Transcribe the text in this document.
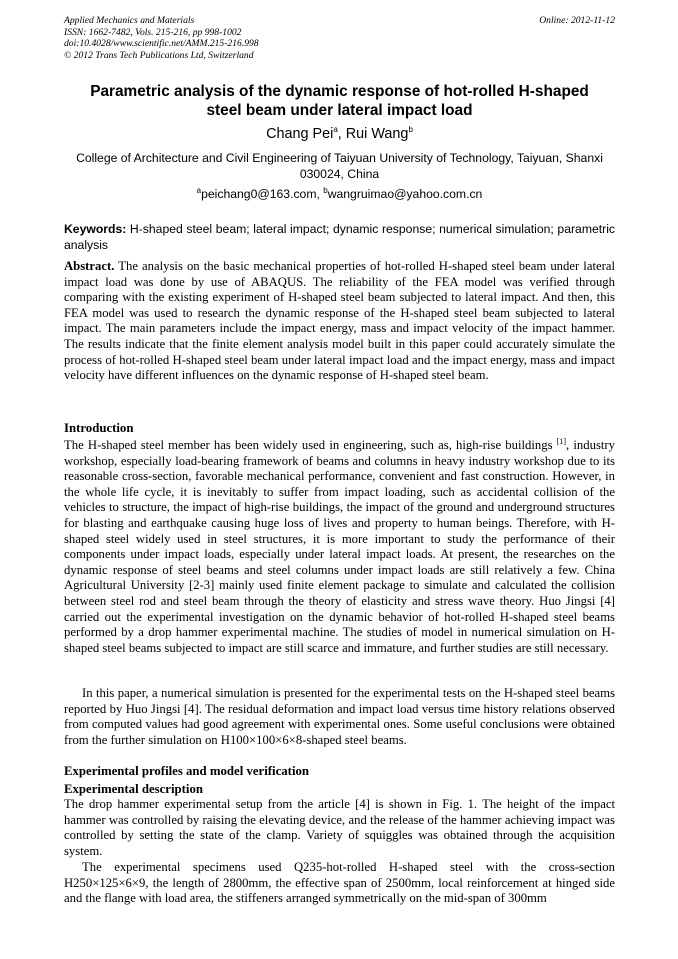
Applied Mechanics and Materials
ISSN: 1662-7482, Vols. 215-216, pp 998-1002
doi:10.4028/www.scientific.net/AMM.215-216.998
© 2012 Trans Tech Publications Ltd, Switzerland
Online: 2012-11-12
Parametric analysis of the dynamic response of hot-rolled H-shaped
steel beam under lateral impact load
Chang Pei$^a$, Rui Wang$^b$
College of Architecture and Civil Engineering of Taiyuan University of Technology, Taiyuan, Shanxi 030024, China
$^a$peichang0@163.com, $^b$wangruimao@yahoo.com.cn
Keywords: H-shaped steel beam; lateral impact; dynamic response; numerical simulation; parametric analysis
Abstract. The analysis on the basic mechanical properties of hot-rolled H-shaped steel beam under lateral impact load was done by use of ABAQUS. The reliability of the FEA model was verified through comparing with the existing experiment of H-shaped steel beam subjected to lateral impact. And then, this FEA model was used to research the dynamic response of the H-shaped steel beam subjected to lateral impact. The main parameters include the impact energy, mass and impact velocity of the impact hammer. The results indicate that the finite element analysis model built in this paper could accurately simulate the process of hot-rolled H-shaped steel beam under lateral impact load and the impact energy, mass and impact velocity have different influences on the dynamic response of H-shaped steel beam.
Introduction
The H-shaped steel member has been widely used in engineering, such as, high-rise buildings [1], industry workshop, especially load-bearing framework of beams and columns in heavy industry workshop due to its reasonable cross-section, favorable mechanical performance, convenient and fast construction. However, in the whole life cycle, it is inevitably to suffer from impact loading, such as accidental collision of the vehicles to structure, the impact of high-rise buildings, the impact of the ground and underground structures for blasting and earthquake causing huge loss of lives and property to human beings. Therefore, with H-shaped steel widely used in steel structures, it is more important to study the performance of their components under impact loads, especially under lateral impact loads. At present, the researches on the dynamic response of steel beams and steel columns under impact loads are still relatively a few. China Agricultural University [2-3] mainly used finite element package to simulate and calculated the collision between steel rod and steel beam through the theory of elasticity and stress wave theory. Huo Jingsi [4] carried out the experimental investigation on the dynamic behavior of hot-rolled H-shaped steel beams performed by a drop hammer experimental machine. The studies of model in numerical simulation on H-shaped steel beams subjected to impact are still scarce and immature, and further studies are still necessary.
In this paper, a numerical simulation is presented for the experimental tests on the H-shaped steel beams reported by Huo Jingsi [4]. The residual deformation and impact load versus time history relations observed from computed values had good agreement with experimental ones. Some useful conclusions were obtained from the further simulation on H100×100×6×8-shaped steel beams.
Experimental profiles and model verification
Experimental description
The drop hammer experimental setup from the article [4] is shown in Fig. 1. The height of the impact hammer was controlled by raising the elevating device, and the release of the hammer achieving impact was controlled by setting the state of the clamp. Variety of squiggles was obtained through the acquisition system.
The experimental specimens used Q235-hot-rolled H-shaped steel with the cross-section H250×125×6×9, the length of 2800mm, the effective span of 2500mm, local reinforcement at hinged side and the flange with load area, the stiffeners arranged symmetrically on the mid-span of 300mm
